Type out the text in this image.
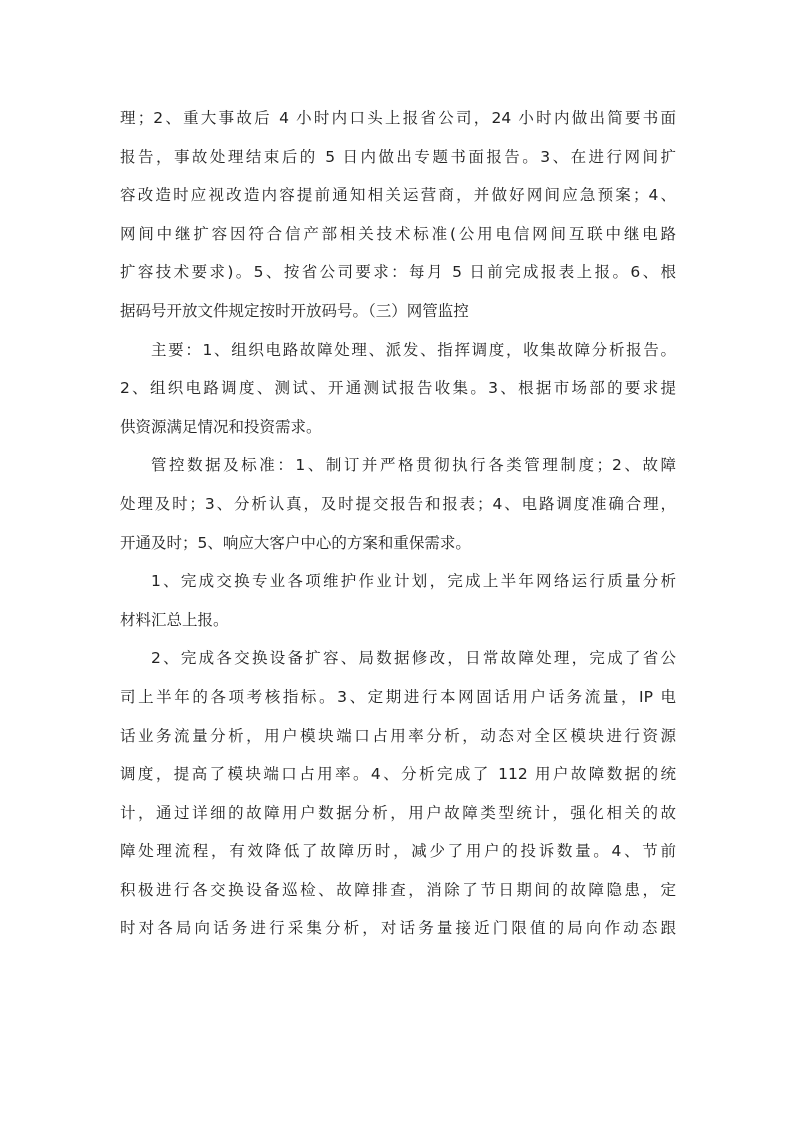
理；2、重大事故后 4 小时内口头上报省公司，24 小时内做出简要书面
报告，事故处理结束后的 5 日内做出专题书面报告。3、在进行网间扩
容改造时应视改造内容提前通知相关运营商，并做好网间应急预案；4、
网间中继扩容因符合信产部相关技术标准(公用电信网间互联中继电路
扩容技术要求)。5、按省公司要求：每月 5 日前完成报表上报。6、根
据码号开放文件规定按时开放码号。（三）网管监控
主要：1、组织电路故障处理、派发、指挥调度，收集故障分析报告。
2、组织电路调度、测试、开通测试报告收集。3、根据市场部的要求提
供资源满足情况和投资需求。
管控数据及标准：1、制订并严格贯彻执行各类管理制度；2、故障
处理及时；3、分析认真，及时提交报告和报表；4、电路调度准确合理，
开通及时；5、响应大客户中心的方案和重保需求。
1、完成交换专业各项维护作业计划，完成上半年网络运行质量分析
材料汇总上报。
2、完成各交换设备扩容、局数据修改，日常故障处理，完成了省公
司上半年的各项考核指标。3、定期进行本网固话用户话务流量，IP 电
话业务流量分析，用户模块端口占用率分析，动态对全区模块进行资源
调度，提高了模块端口占用率。4、分析完成了 112 用户故障数据的统
计，通过详细的故障用户数据分析，用户故障类型统计，强化相关的故
障处理流程，有效降低了故障历时，减少了用户的投诉数量。4、节前
积极进行各交换设备巡检、故障排查，消除了节日期间的故障隐患，定
时对各局向话务进行采集分析，对话务量接近门限值的局向作动态跟
